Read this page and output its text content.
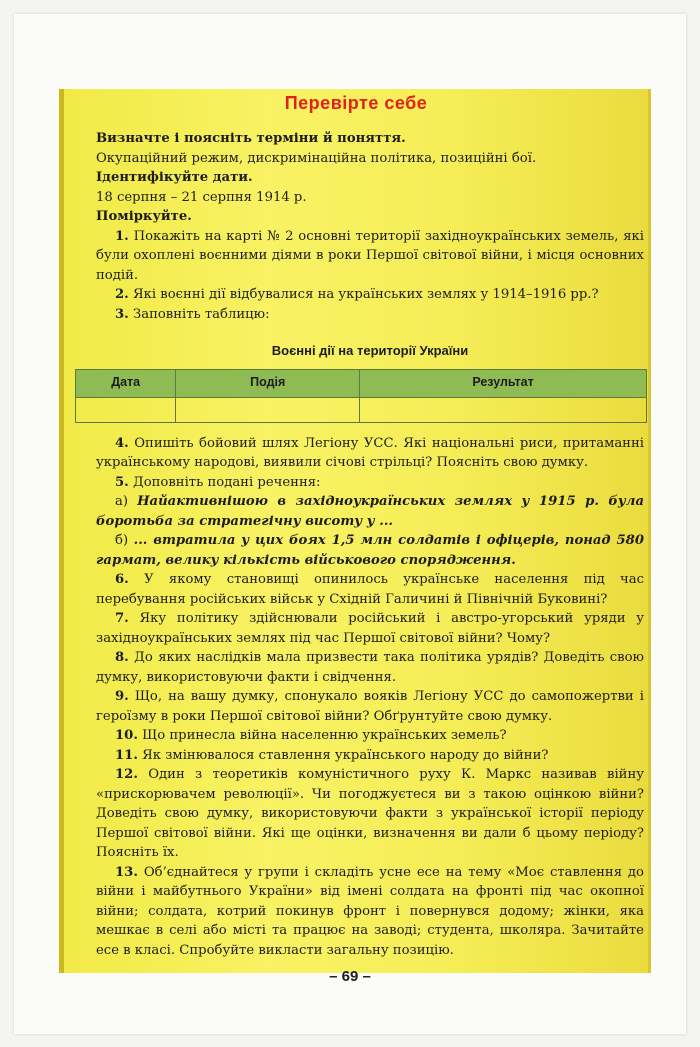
Перевірте себе

Визначте і поясніть терміни й поняття.

Окупаційний режим, дискримінаційна політика, позиційні бої.

Ідентифікуйте дати.

18 серпня – 21 серпня 1914 р.

Поміркуйте.

1. Покажіть на карті № 2 основні території західноукраїнських земель, які були охоплені воєнними діями в роки Першої світової війни, і місця основних подій.

2. Які воєнні дії відбувалися на українських землях у 1914–1916 рр.?

3. Заповніть таблицю:

Воєнні дії на території України
Дата	Подія	Результат

4. Опишіть бойовий шлях Легіону УСС. Які національні риси, притаманні українському народові, виявили січові стрільці? Поясніть свою думку.

5. Доповніть подані речення:

а) Найактивнішою в західноукраїнських землях у 1915 р. була боротьба за стратегічну висоту у ...

б) ... втратила у цих боях 1,5 млн солдатів і офіцерів, понад 580 гармат, велику кількість військового спорядження.

6. У якому становищі опинилось українське населення під час перебування російських військ у Східній Галичині й Північній Буковині?

7. Яку політику здійснювали російський і австро-угорський уряди у західноукраїнських землях під час Першої світової війни? Чому?

8. До яких наслідків мала призвести така політика урядів? Доведіть свою думку, використовуючи факти і свідчення.

9. Що, на вашу думку, спонукало вояків Легіону УСС до самопожертви і героїзму в роки Першої світової війни? Обґрунтуйте свою думку.

10. Що принесла війна населенню українських земель?

11. Як змінювалося ставлення українського народу до війни?

12. Один з теоретиків комуністичного руху К. Маркс називав війну «прискорювачем революції». Чи погоджуєтеся ви з такою оцінкою війни? Доведіть свою думку, використовуючи факти з української історії періоду Першої світової війни. Які ще оцінки, визначення ви дали б цьому періоду? Поясніть їх.

13. Об’єднайтеся у групи і складіть усне есе на тему «Моє ставлення до війни і майбутнього України» від імені солдата на фронті під час окопної війни; солдата, котрий покинув фронт і повернувся додому; жінки, яка мешкає в селі або місті та працює на заводі; студента, школяра. Зачитайте есе в класі. Спробуйте викласти загальну позицію.

– 69 –
